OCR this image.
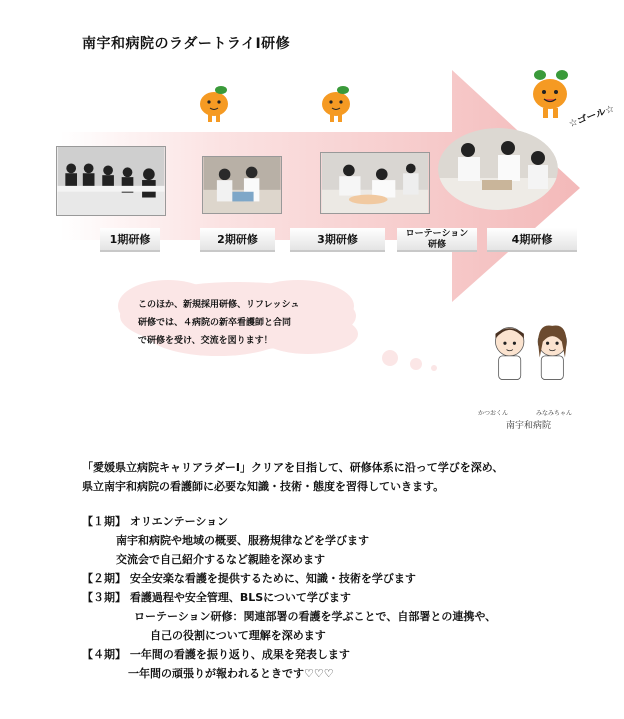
南宇和病院のラダートライⅠ研修
1期研修	2期研修	3期研修	ローテーション
研修	4期研修
☆ゴール☆
このほか、新規採用研修、リフレッシュ
研修では、４病院の新卒看護師と合同
で研修を受け、交流を図ります！
かつおくん	みなみちゃん
南宇和病院
「愛媛県立病院キャリアラダーⅠ」クリアを目指して、研修体系に沿って学びを深め、
県立南宇和病院の看護師に必要な知識・技術・態度を習得していきます。
【１期】 オリエンテーション
南宇和病院や地域の概要、服務規律などを学びます
交流会で自己紹介するなど親睦を深めます
【２期】 安全安楽な看護を提供するために、知識・技術を学びます
【３期】 看護過程や安全管理、BLSについて学びます
ローテーション研修：関連部署の看護を学ぶことで、自部署との連携や、
自己の役割について理解を深めます
【４期】 一年間の看護を振り返り、成果を発表します
一年間の頑張りが報われるときです♡♡♡
